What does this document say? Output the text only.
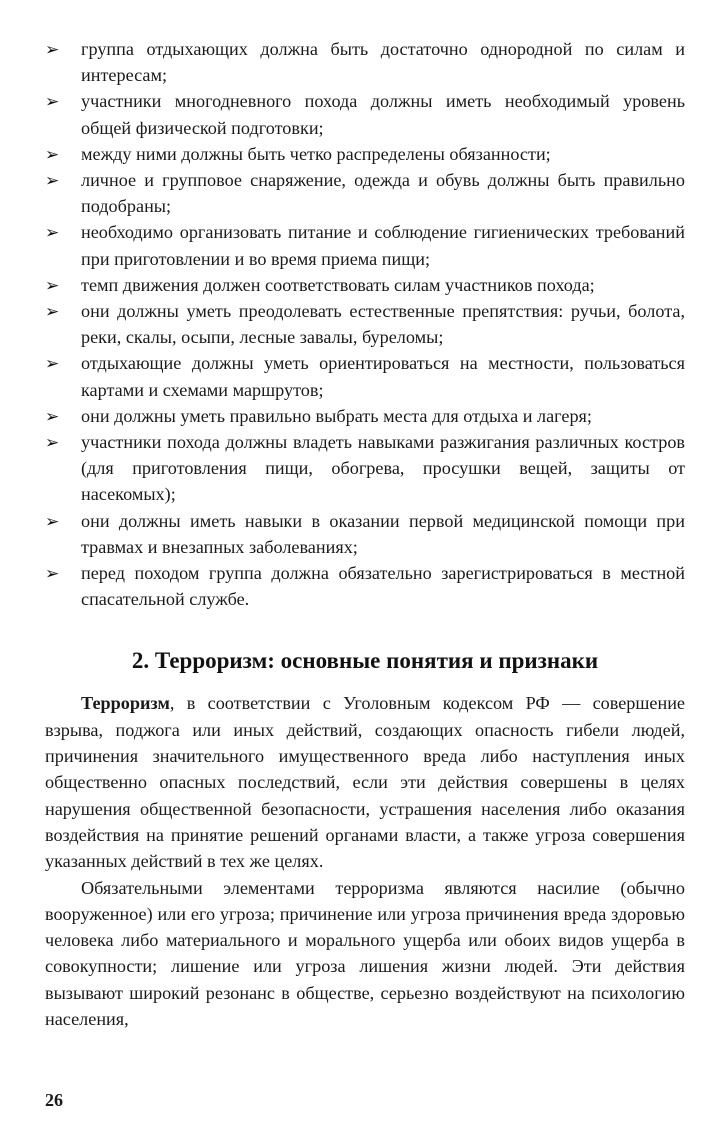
➢ группа отдыхающих должна быть достаточно однородной по силам и интересам;
➢ участники многодневного похода должны иметь необходимый уровень общей физической подготовки;
➢ между ними должны быть четко распределены обязанности;
➢ личное и групповое снаряжение, одежда и обувь должны быть правильно подобраны;
➢ необходимо организовать питание и соблюдение гигиенических требований при приготовлении и во время приема пищи;
➢ темп движения должен соответствовать силам участников похода;
➢ они должны уметь преодолевать естественные препятствия: ручьи, болота, реки, скалы, осыпи, лесные завалы, буреломы;
➢ отдыхающие должны уметь ориентироваться на местности, пользоваться картами и схемами маршрутов;
➢ они должны уметь правильно выбрать места для отдыха и лагеря;
➢ участники похода должны владеть навыками разжигания различных костров (для приготовления пищи, обогрева, просушки вещей, защиты от насекомых);
➢ они должны иметь навыки в оказании первой медицинской помощи при травмах и внезапных заболеваниях;
➢ перед походом группа должна обязательно зарегистрироваться в местной спасательной службе.
2. Терроризм: основные понятия и признаки

Терроризм, в соответствии с Уголовным кодексом РФ — совершение взрыва, поджога или иных действий, создающих опасность гибели людей, причинения значительного имущественного вреда либо наступления иных общественно опасных последствий, если эти действия совершены в целях нарушения общественной безопасности, устрашения населения либо оказания воздействия на принятие решений органами власти, а также угроза совершения указанных действий в тех же целях.

Обязательными элементами терроризма являются насилие (обычно вооруженное) или его угроза; причинение или угроза причинения вреда здоровью человека либо материального и морального ущерба или обоих видов ущерба в совокупности; лишение или угроза лишения жизни людей. Эти действия вызывают широкий резонанс в обществе, серьезно воздействуют на психологию населения,

26
